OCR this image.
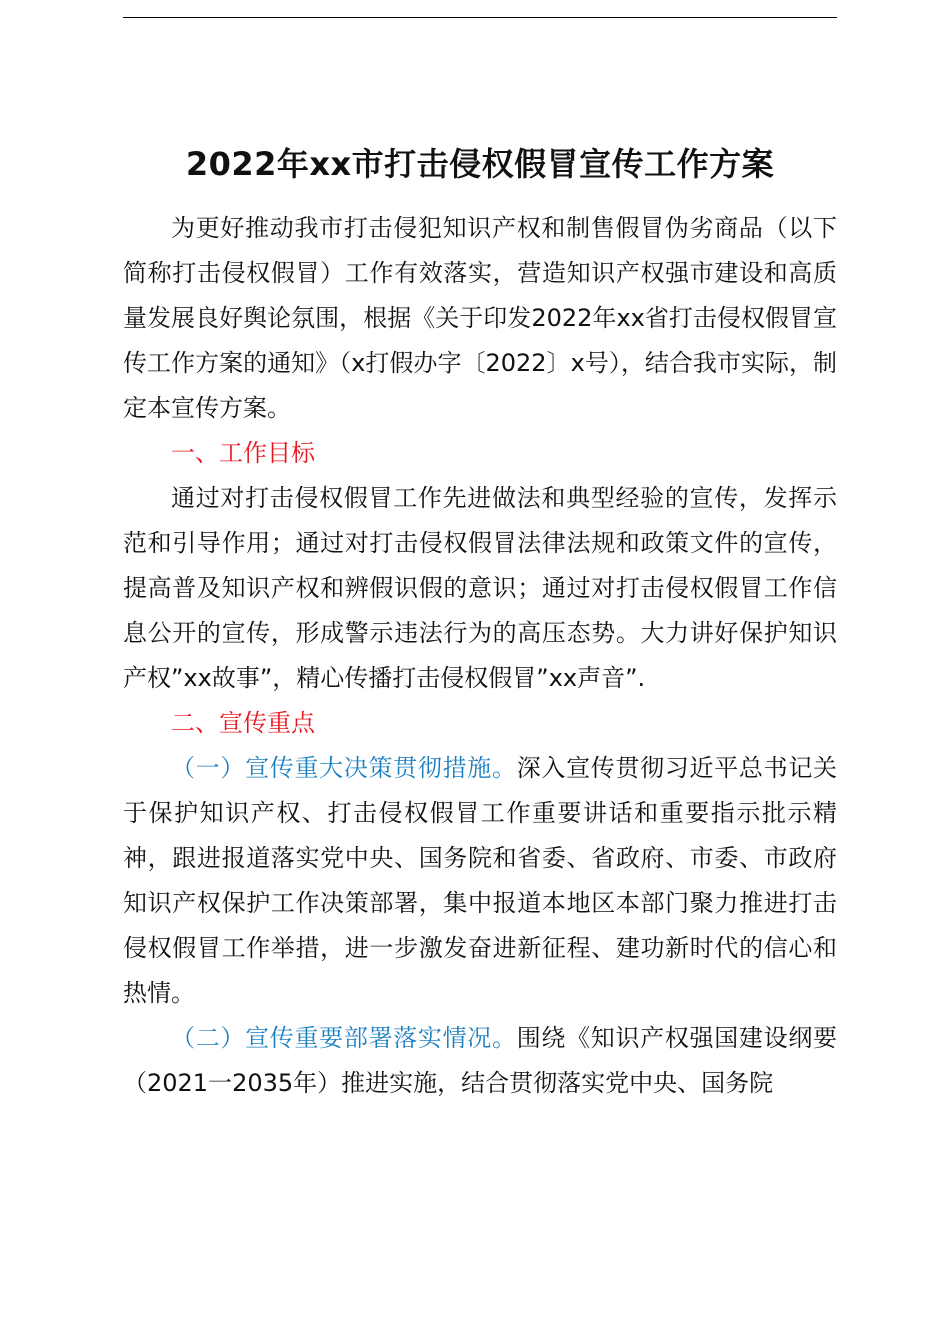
2022年xx市打击侵权假冒宣传工作方案

为更好推动我市打击侵犯知识产权和制售假冒伪劣商品（以下简称打击侵权假冒）工作有效落实，营造知识产权强市建设和高质量发展良好舆论氛围，根据《关于印发2022年xx省打击侵权假冒宣传工作方案的通知》（x打假办字〔2022〕x号），结合我市实际，制定本宣传方案。

一、工作目标

通过对打击侵权假冒工作先进做法和典型经验的宣传，发挥示范和引导作用；通过对打击侵权假冒法律法规和政策文件的宣传，提高普及知识产权和辨假识假的意识；通过对打击侵权假冒工作信息公开的宣传，形成警示违法行为的高压态势。大力讲好保护知识产权”xx故事”，精心传播打击侵权假冒”xx声音”.

二、宣传重点

（一）宣传重大决策贯彻措施。深入宣传贯彻习近平总书记关于保护知识产权、打击侵权假冒工作重要讲话和重要指示批示精神，跟进报道落实党中央、国务院和省委、省政府、市委、市政府知识产权保护工作决策部署，集中报道本地区本部门聚力推进打击侵权假冒工作举措，进一步激发奋进新征程、建功新时代的信心和热情。

（二）宣传重要部署落实情况。围绕《知识产权强国建设纲要（2021一2035年）推进实施，结合贯彻落实党中央、国务院
